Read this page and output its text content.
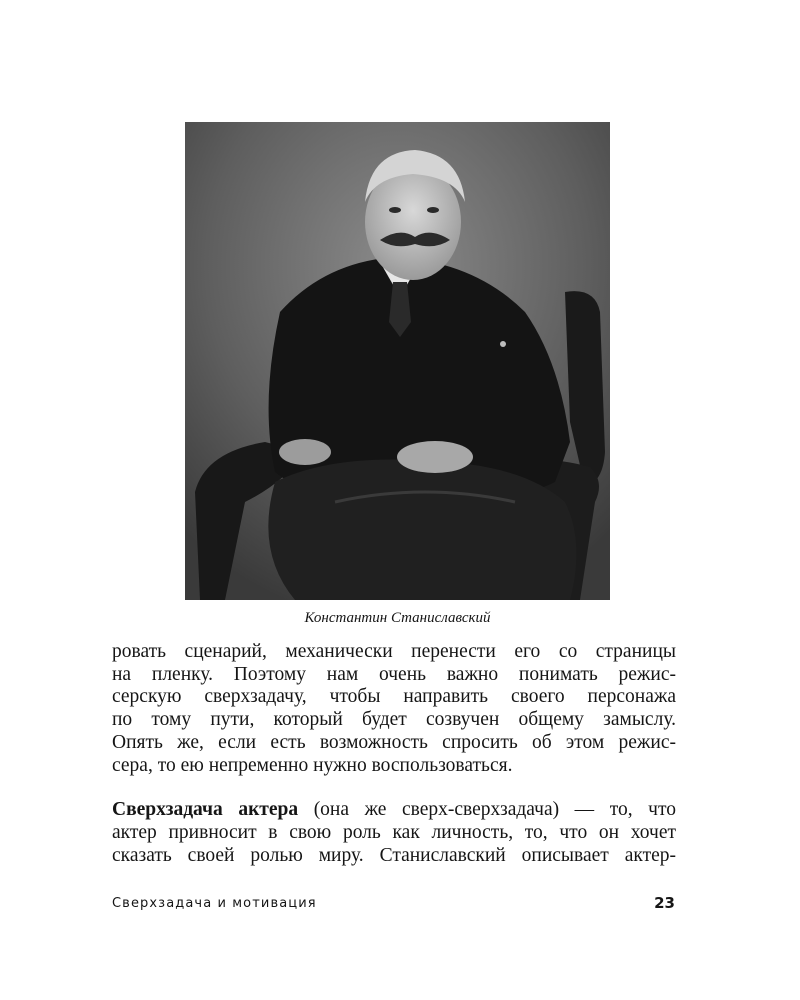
Константин Станиславский
ровать сценарий, механически перенести его со страницы
на пленку. Поэтому нам очень важно понимать режис-
серскую сверхзадачу, чтобы направить своего персонажа
по тому пути, который будет созвучен общему замыслу.
Опять же, если есть возможность спросить об этом режис-
сера, то ею непременно нужно воспользоваться.
Сверхзадача актера (она же сверх-сверхзадача) — то, что
актер привносит в свою роль как личность, то, что он хочет
сказать своей ролью миру. Станиславский описывает актер-
Сверхзадача и мотивация	23
